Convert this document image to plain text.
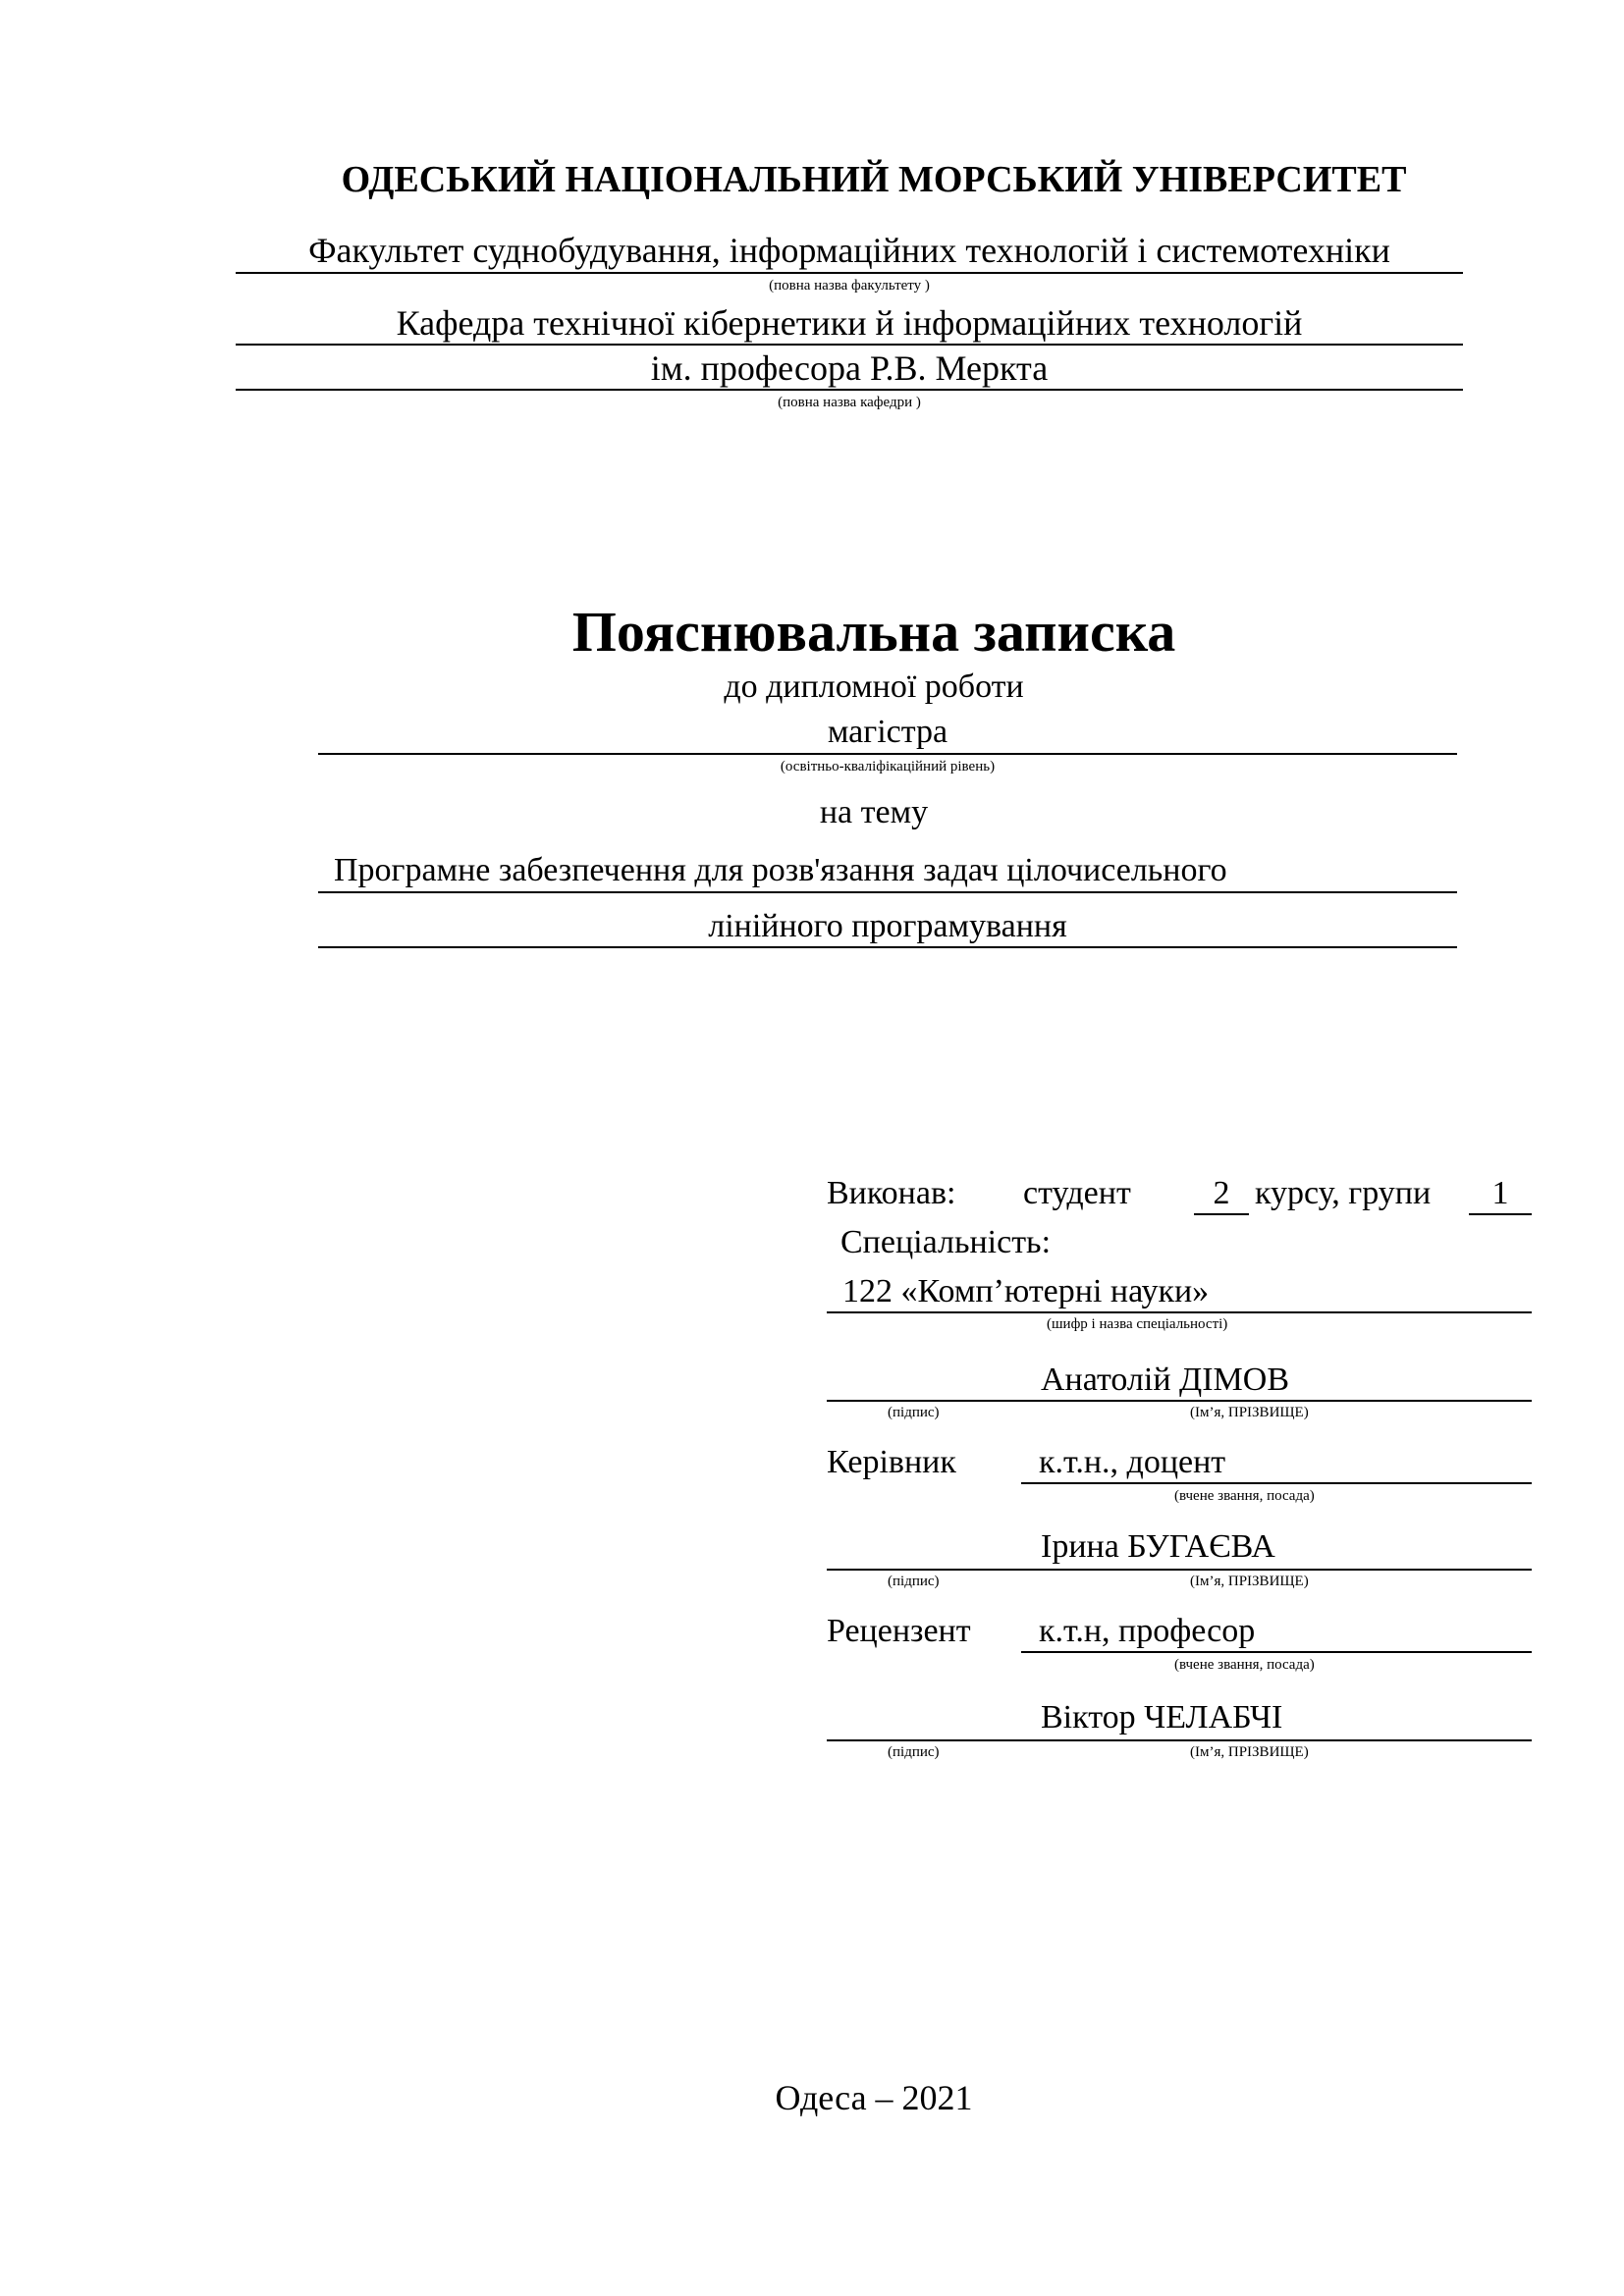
ОДЕСЬКИЙ НАЦІОНАЛЬНИЙ МОРСЬКИЙ УНІВЕРСИТЕТ
Факультет суднобудування, інформаційних технологій і системотехніки
(повна назва факультету )
Кафедра технічної кібернетики й інформаційних технологій
ім. професора Р.В. Меркта
(повна назва кафедри )
Пояснювальна записка
до дипломної роботи
магістра
(освітньо-кваліфікаційний рівень)
на тему
Програмне забезпечення для розв'язання задач цілочисельного
лінійного програмування
Виконав: студент	2 курсу, групи	1
Спеціальність:
122 «Комп’ютерні науки»
(шифр і назва спеціальності)
Анатолій ДІМОВ
(підпис)	(Ім’я, ПРІЗВИЩЕ)
Керівник к.т.н., доцент
(вчене звання, посада)
Ірина БУГАЄВА
(підпис)	(Ім’я, ПРІЗВИЩЕ)
Рецензент к.т.н, професор
(вчене звання, посада)
Віктор ЧЕЛАБЧІ
(підпис)	(Ім’я, ПРІЗВИЩЕ)
Одеса – 2021
